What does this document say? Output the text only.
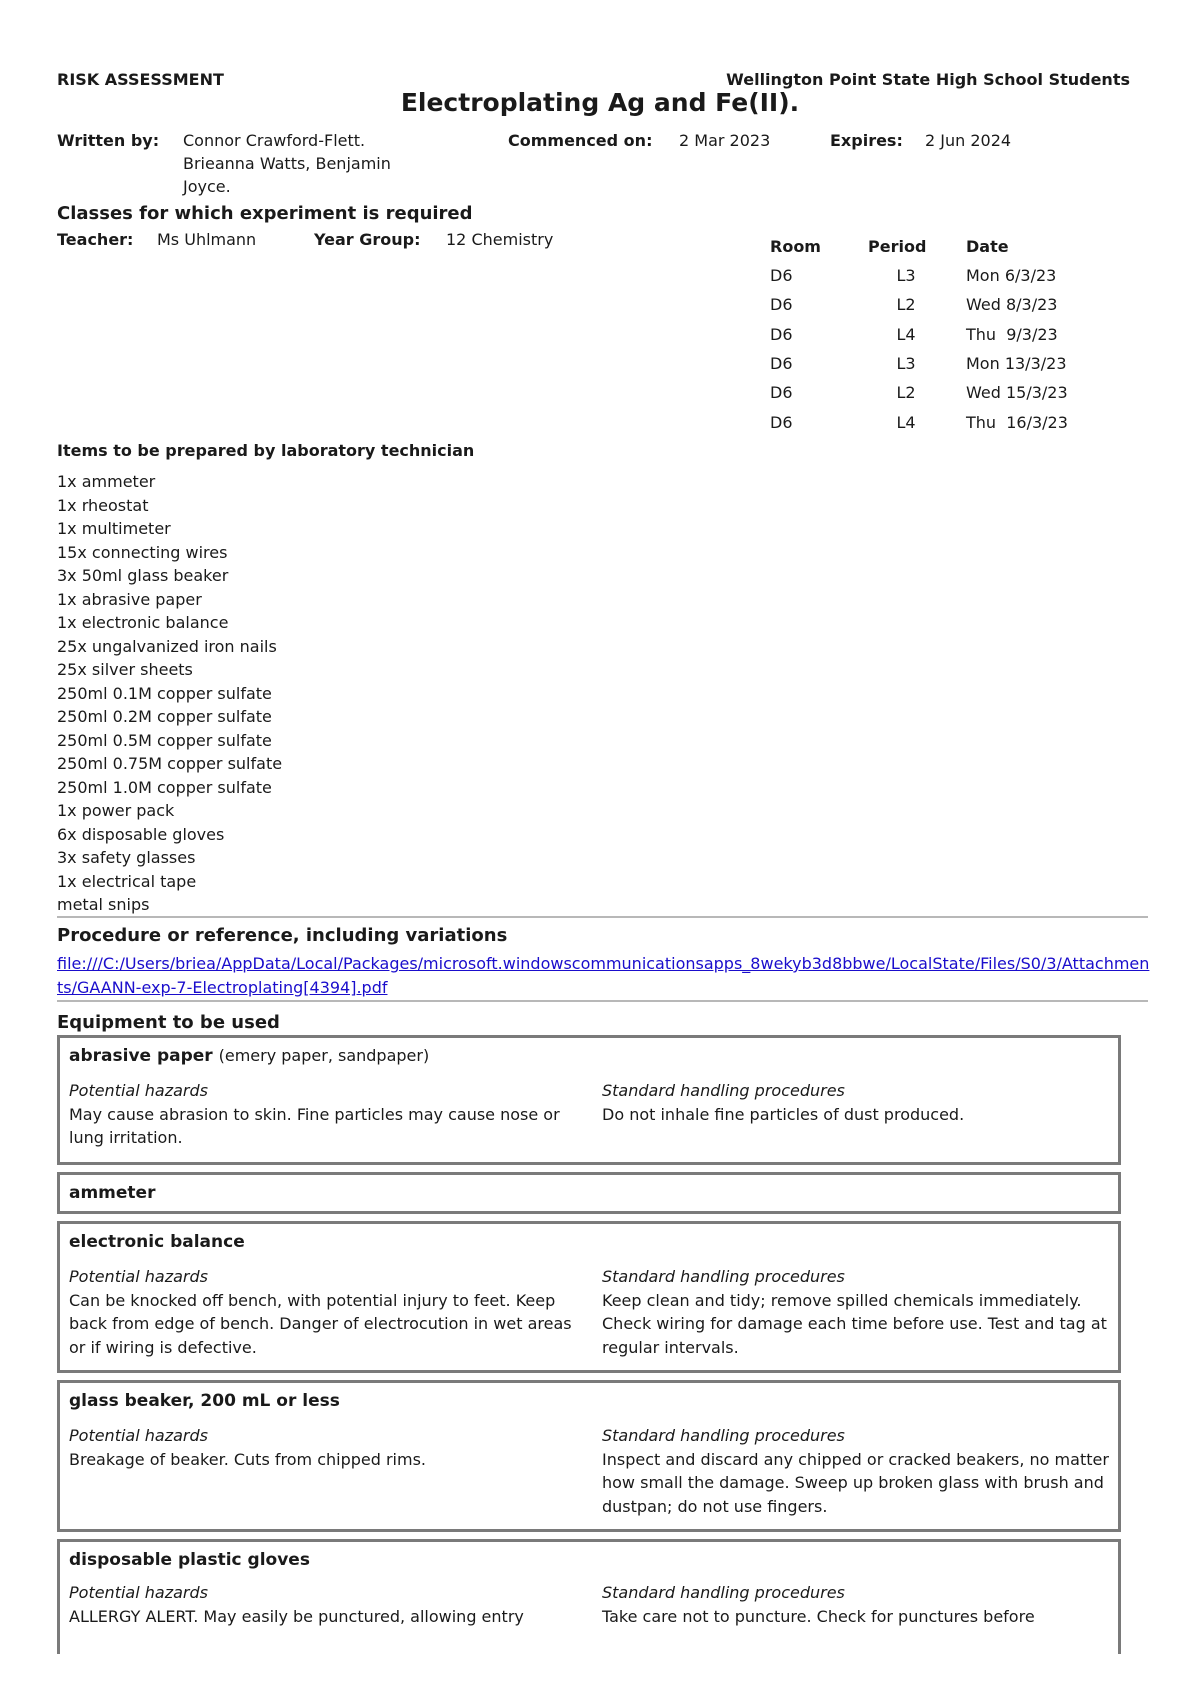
RISK ASSESSMENT	Wellington Point State High School Students
Electroplating Ag and Fe(II).
Written by: Connor Crawford-Flett.
Brieanna Watts, Benjamin
Joyce.
Commenced on: 2 Mar 2023	Expires: 2 Jun 2024
Classes for which experiment is required
Teacher: Ms Uhlmann	Year Group: 12 Chemistry	Room	Period	Date
D6	L3	Mon 6/3/23
D6	L2	Wed 8/3/23
D6	L4	Thu  9/3/23
D6	L3	Mon 13/3/23
D6	L2	Wed 15/3/23
D6	L4	Thu  16/3/23
Items to be prepared by laboratory technician
1x ammeter
1x rheostat
1x multimeter
15x connecting wires
3x 50ml glass beaker
1x abrasive paper
1x electronic balance
25x ungalvanized iron nails
25x silver sheets
250ml 0.1M copper sulfate
250ml 0.2M copper sulfate
250ml 0.5M copper sulfate
250ml 0.75M copper sulfate
250ml 1.0M copper sulfate
1x power pack
6x disposable gloves
3x safety glasses
1x electrical tape
metal snips
Procedure or reference, including variations
file:///C:/Users/briea/AppData/Local/Packages/microsoft.windowscommunicationsapps_8wekyb3d8bbwe/LocalState/Files/S0/3/Attachments/GAANN-exp-7-Electroplating[4394].pdf
Equipment to be used
abrasive paper (emery paper, sandpaper)
Potential hazards
May cause abrasion to skin. Fine particles may cause nose or lung irritation.
Standard handling procedures
Do not inhale fine particles of dust produced.
ammeter
electronic balance
Potential hazards
Can be knocked off bench, with potential injury to feet. Keep back from edge of bench. Danger of electrocution in wet areas or if wiring is defective.
Standard handling procedures
Keep clean and tidy; remove spilled chemicals immediately. Check wiring for damage each time before use. Test and tag at regular intervals.
glass beaker, 200 mL or less
Potential hazards
Breakage of beaker. Cuts from chipped rims.
Standard handling procedures
Inspect and discard any chipped or cracked beakers, no matter how small the damage. Sweep up broken glass with brush and dustpan; do not use fingers.
disposable plastic gloves
Potential hazards
ALLERGY ALERT. May easily be punctured, allowing entry
Standard handling procedures
Take care not to puncture. Check for punctures before
